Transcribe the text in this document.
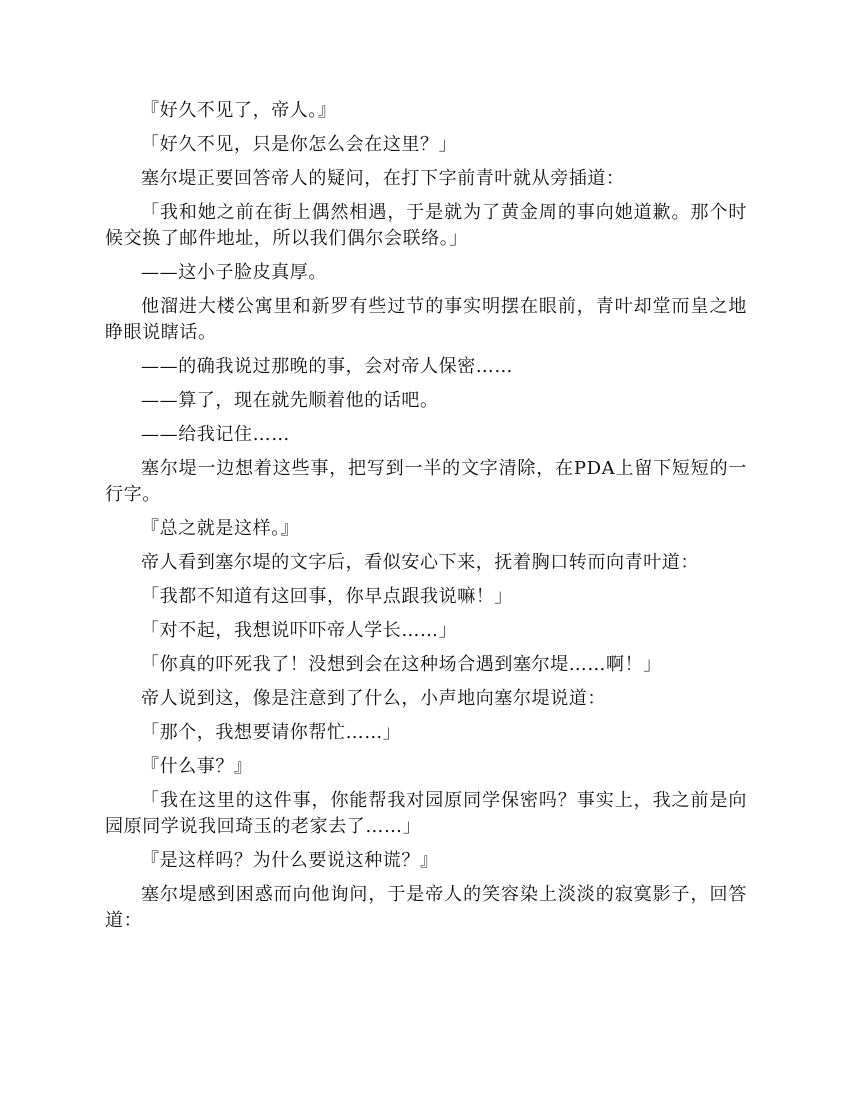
『好久不见了，帝人。』

「好久不见，只是你怎么会在这里？」

塞尔堤正要回答帝人的疑问，在打下字前青叶就从旁插道：

「我和她之前在街上偶然相遇，于是就为了黄金周的事向她道歉。那个时候交换了邮件地址，所以我们偶尔会联络。」

——这小子脸皮真厚。

他溜进大楼公寓里和新罗有些过节的事实明摆在眼前，青叶却堂而皇之地睁眼说瞎话。

——的确我说过那晚的事，会对帝人保密……

——算了，现在就先顺着他的话吧。

——给我记住……

塞尔堤一边想着这些事，把写到一半的文字清除，在PDA上留下短短的一行字。

『总之就是这样。』

帝人看到塞尔堤的文字后，看似安心下来，抚着胸口转而向青叶道：

「我都不知道有这回事，你早点跟我说嘛！」

「对不起，我想说吓吓帝人学长……」

「你真的吓死我了！没想到会在这种场合遇到塞尔堤……啊！」

帝人说到这，像是注意到了什么，小声地向塞尔堤说道：

「那个，我想要请你帮忙……」

『什么事？』

「我在这里的这件事，你能帮我对园原同学保密吗？事实上，我之前是向园原同学说我回琦玉的老家去了……」

『是这样吗？为什么要说这种谎？』

塞尔堤感到困惑而向他询问，于是帝人的笑容染上淡淡的寂寞影子，回答道：
